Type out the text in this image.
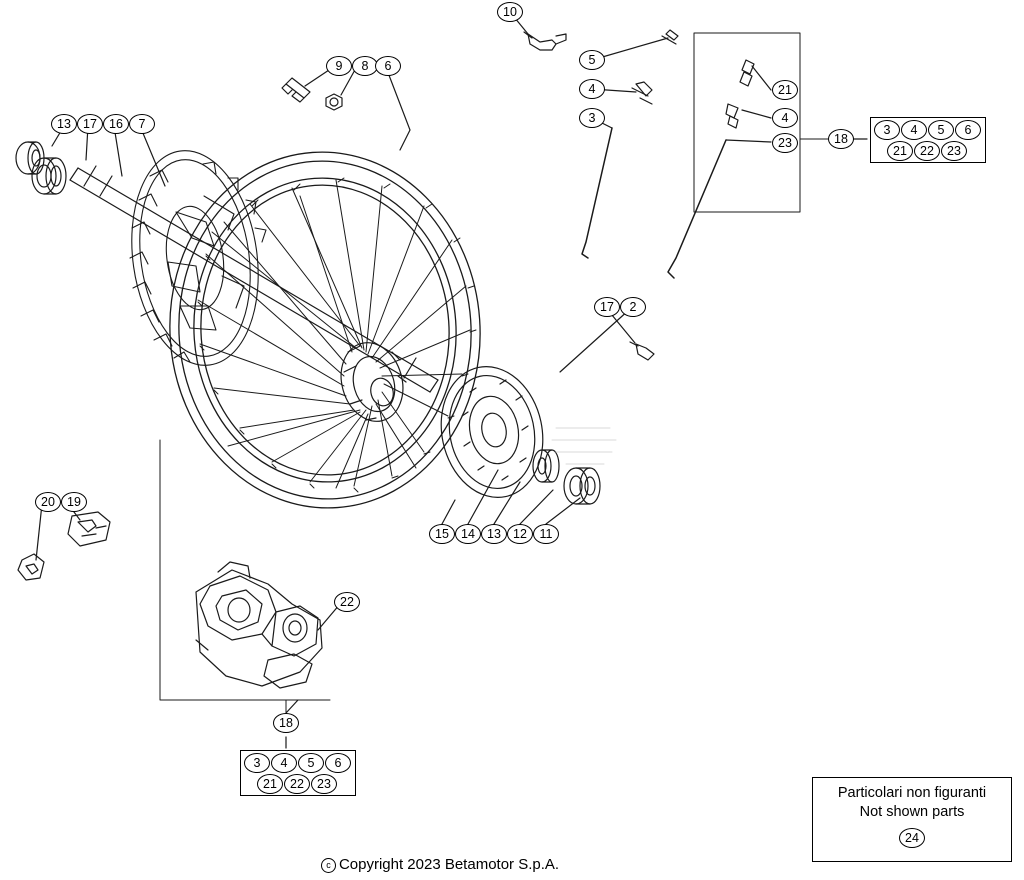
10
9	8	6	5
4
3
21
4
23	18
13 17 16	7
17	2
20 19
15 14 13 12	11
22
18
3	4	5	6
21	22	23
3	4	5	6
21	22	23
Particolari non figuranti
Not shown parts
24
c Copyright 2023 Betamotor S.p.A.
